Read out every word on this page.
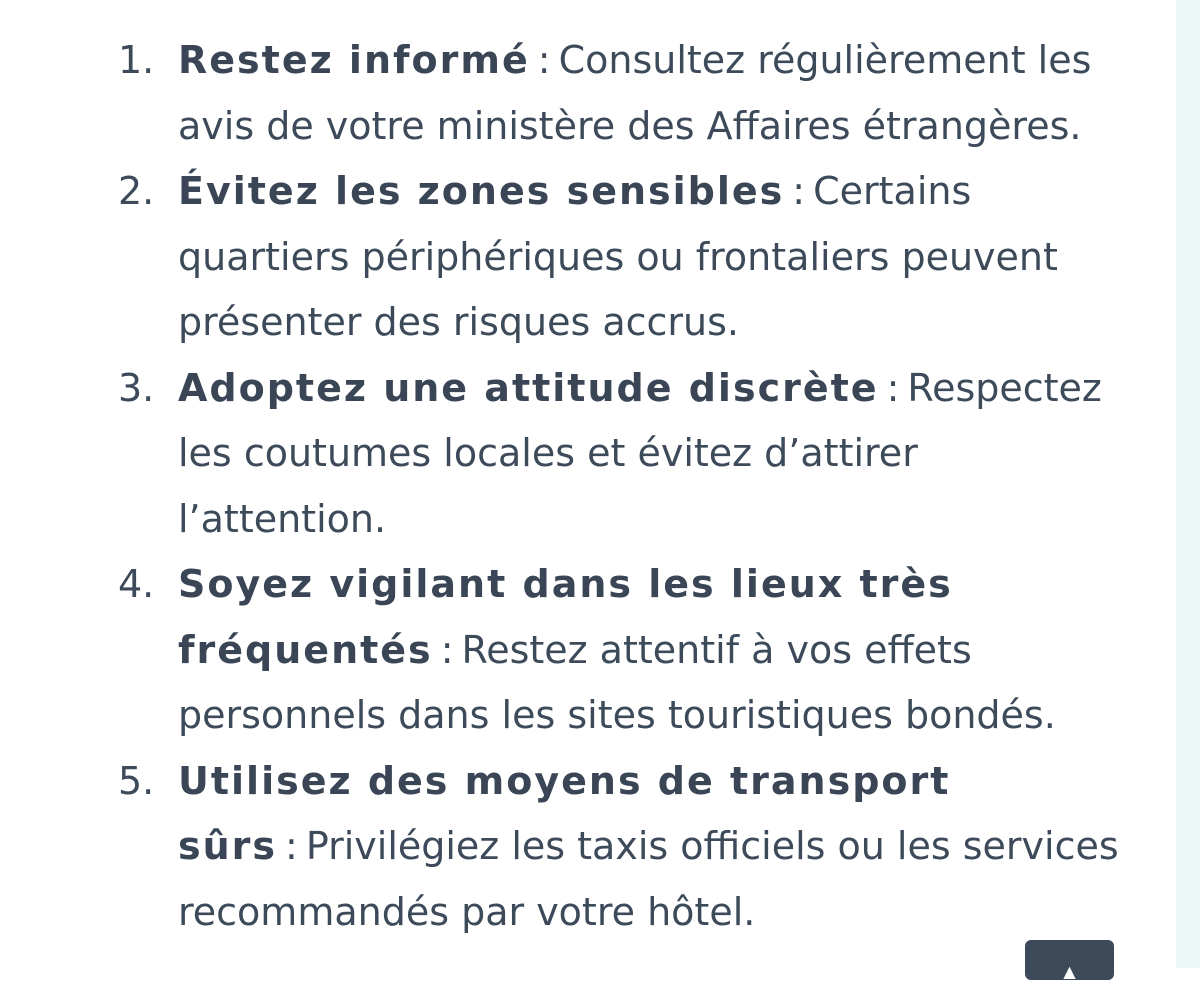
1. Restez informé : Consultez régulièrement les avis de votre ministère des Affaires étrangères.
2. Évitez les zones sensibles : Certains quartiers périphériques ou frontaliers peuvent présenter des risques accrus.
3. Adoptez une attitude discrète : Respectez les coutumes locales et évitez d’attirer l’attention.
4. Soyez vigilant dans les lieux très fréquentés : Restez attentif à vos effets personnels dans les sites touristiques bondés.
5. Utilisez des moyens de transport sûrs : Privilégiez les taxis officiels ou les services recommandés par votre hôtel.
▲
